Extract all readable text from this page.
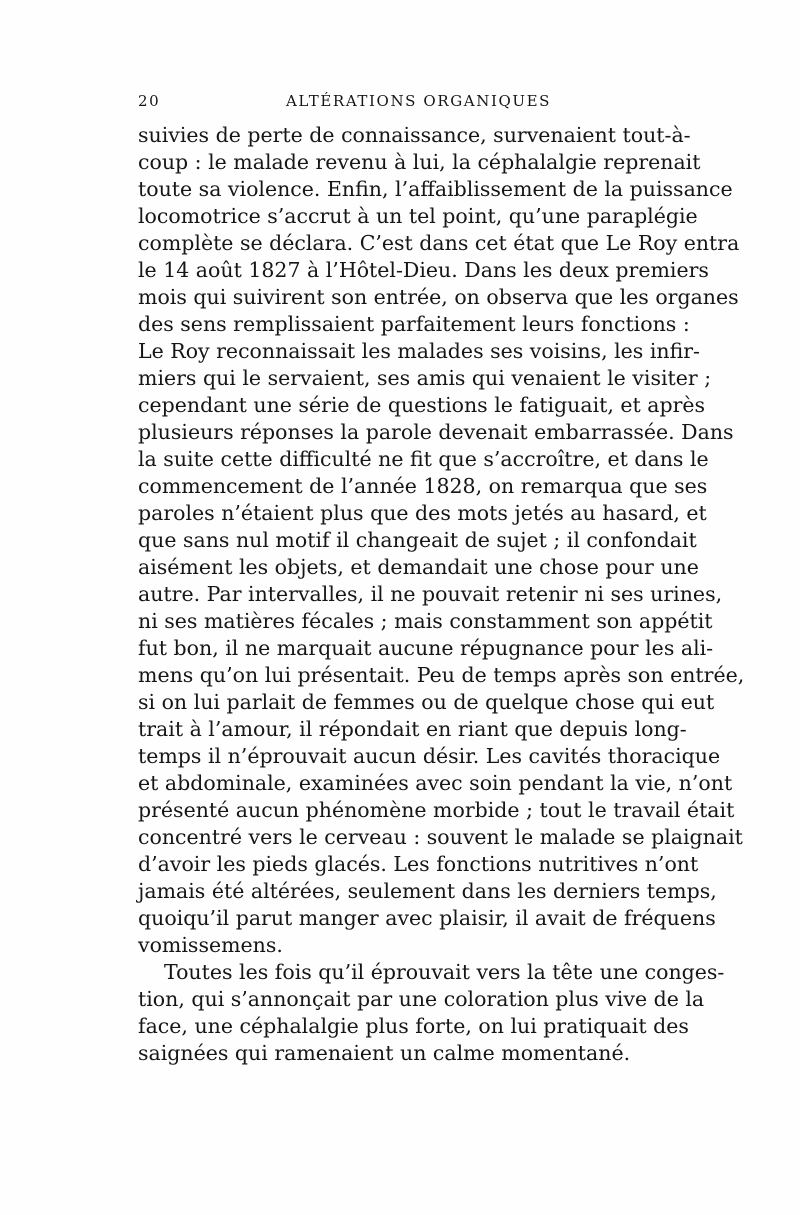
20	ALTÉRATIONS ORGANIQUES
suivies de perte de connaissance, survenaient tout-à-
coup : le malade revenu à lui, la céphalalgie reprenait
toute sa violence. Enfin, l’affaiblissement de la puissance
locomotrice s’accrut à un tel point, qu’une paraplégie
complète se déclara. C’est dans cet état que Le Roy entra
le 14 août 1827 à l’Hôtel-Dieu. Dans les deux premiers
mois qui suivirent son entrée, on observa que les organes
des sens remplissaient parfaitement leurs fonctions :
Le Roy reconnaissait les malades ses voisins, les infir-
miers qui le servaient, ses amis qui venaient le visiter ;
cependant une série de questions le fatiguait, et après
plusieurs réponses la parole devenait embarrassée. Dans
la suite cette difficulté ne fit que s’accroître, et dans le
commencement de l’année 1828, on remarqua que ses
paroles n’étaient plus que des mots jetés au hasard, et
que sans nul motif il changeait de sujet ; il confondait
aisément les objets, et demandait une chose pour une
autre. Par intervalles, il ne pouvait retenir ni ses urines,
ni ses matières fécales ; mais constamment son appétit
fut bon, il ne marquait aucune répugnance pour les ali-
mens qu’on lui présentait. Peu de temps après son entrée,
si on lui parlait de femmes ou de quelque chose qui eut
trait à l’amour, il répondait en riant que depuis long-
temps il n’éprouvait aucun désir. Les cavités thoracique
et abdominale, examinées avec soin pendant la vie, n’ont
présenté aucun phénomène morbide ; tout le travail était
concentré vers le cerveau : souvent le malade se plaignait
d’avoir les pieds glacés. Les fonctions nutritives n’ont
jamais été altérées, seulement dans les derniers temps,
quoiqu’il parut manger avec plaisir, il avait de fréquens
vomissemens.
Toutes les fois qu’il éprouvait vers la tête une conges-
tion, qui s’annonçait par une coloration plus vive de la
face, une céphalalgie plus forte, on lui pratiquait des
saignées qui ramenaient un calme momentané.
